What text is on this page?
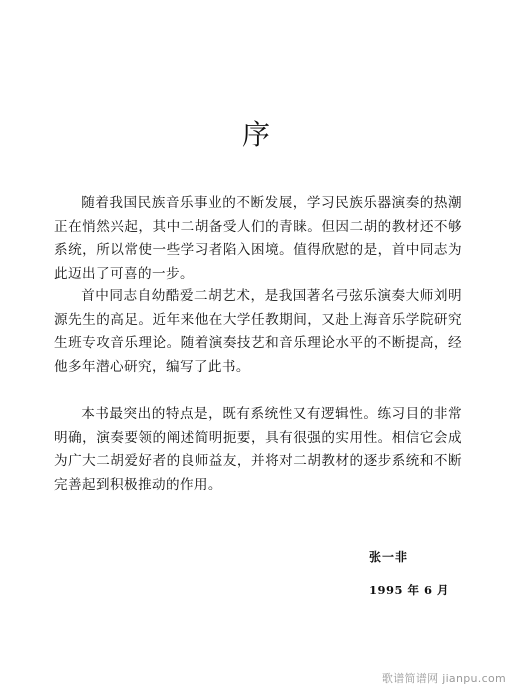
序

随着我国民族音乐事业的不断发展，学习民族乐器演奏的热潮正在悄然兴起，其中二胡备受人们的青睐。但因二胡的教材还不够系统，所以常使一些学习者陷入困境。值得欣慰的是，首中同志为此迈出了可喜的一步。

首中同志自幼酷爱二胡艺术，是我国著名弓弦乐演奏大师刘明源先生的高足。近年来他在大学任教期间，又赴上海音乐学院研究生班专攻音乐理论。随着演奏技艺和音乐理论水平的不断提高，经他多年潜心研究，编写了此书。

本书最突出的特点是，既有系统性又有逻辑性。练习目的非常明确，演奏要领的阐述简明扼要，具有很强的实用性。相信它会成为广大二胡爱好者的良师益友，并将对二胡教材的逐步系统和不断完善起到积极推动的作用。

张一非
1995 年 6 月
歌谱简谱网 jianpu.com
